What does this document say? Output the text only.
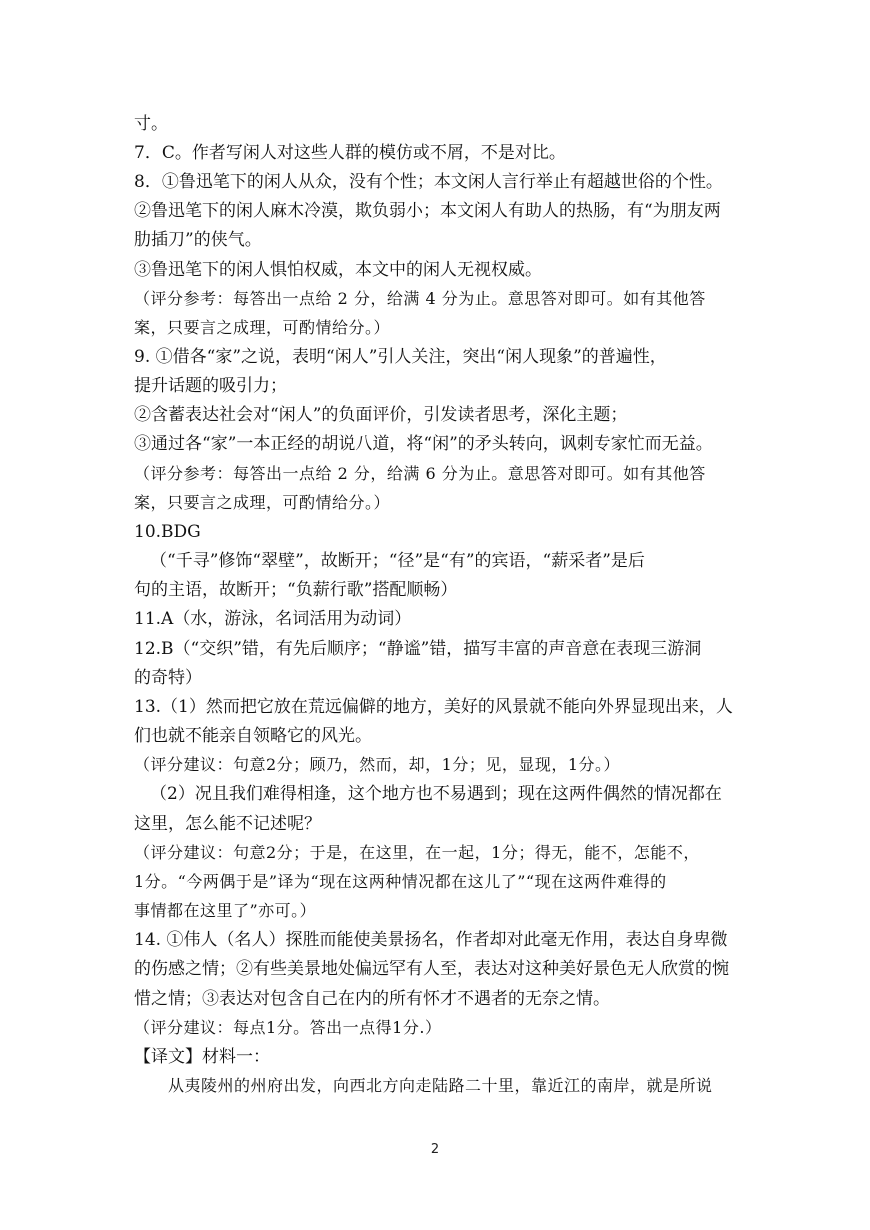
寸。
7．C。作者写闲人对这些人群的模仿或不屑，不是对比。
8．①鲁迅笔下的闲人从众，没有个性；本文闲人言行举止有超越世俗的个性。
②鲁迅笔下的闲人麻木冷漠，欺负弱小；本文闲人有助人的热肠，有“为朋友两
肋插刀”的侠气。
③鲁迅笔下的闲人惧怕权威，本文中的闲人无视权威。
（评分参考：每答出一点给 2 分，给满 4 分为止。意思答对即可。如有其他答
案，只要言之成理，可酌情给分。）
9. ①借各“家”之说，表明“闲人”引人关注，突出“闲人现象”的普遍性，
提升话题的吸引力；
②含蓄表达社会对“闲人”的负面评价，引发读者思考，深化主题；
③通过各“家”一本正经的胡说八道，将“闲”的矛头转向，讽刺专家忙而无益。
（评分参考：每答出一点给 2 分，给满 6 分为止。意思答对即可。如有其他答
案，只要言之成理，可酌情给分。）
10.BDG
（“千寻”修饰“翠壁”，故断开；“径”是“有”的宾语，“薪采者”是后
句的主语，故断开；“负薪行歌”搭配顺畅）
11.A（水，游泳，名词活用为动词）
12.B（“交织”错，有先后顺序；“静谧”错，描写丰富的声音意在表现三游洞
的奇特）
13.（1）然而把它放在荒远偏僻的地方，美好的风景就不能向外界显现出来，人
们也就不能亲自领略它的风光。
（评分建议：句意2分；顾乃，然而，却，1分；见，显现，1分。）
（2）况且我们难得相逢，这个地方也不易遇到；现在这两件偶然的情况都在
这里，怎么能不记述呢？
（评分建议：句意2分；于是，在这里，在一起，1分；得无，能不，怎能不，
1分。“今两偶于是”译为“现在这两种情况都在这儿了”“现在这两件难得的
事情都在这里了”亦可。）
14. ①伟人（名人）探胜而能使美景扬名，作者却对此毫无作用，表达自身卑微
的伤感之情；②有些美景地处偏远罕有人至，表达对这种美好景色无人欣赏的惋
惜之情；③表达对包含自己在内的所有怀才不遇者的无奈之情。
（评分建议：每点1分。答出一点得1分.）
【译文】材料一：
从夷陵州的州府出发，向西北方向走陆路二十里，靠近江的南岸，就是所说
2
